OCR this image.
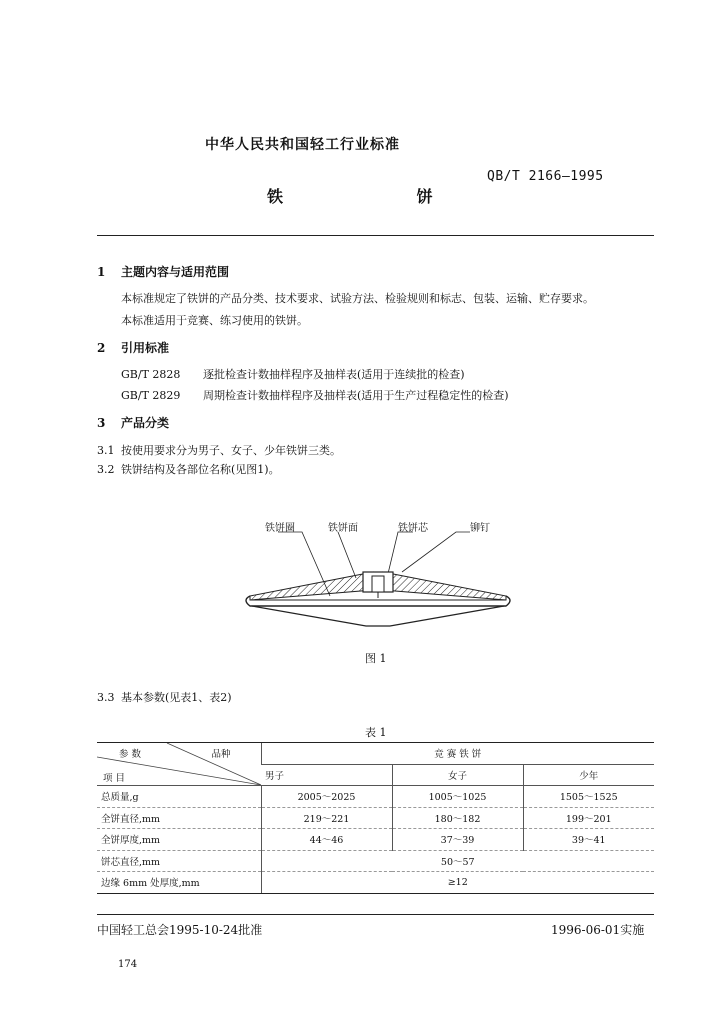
中华人民共和国轻工行业标准
QB/T 2166—1995
铁 饼
1 主题内容与适用范围
本标准规定了铁饼的产品分类、技术要求、试验方法、检验规则和标志、包装、运输、贮存要求。
本标准适用于竞赛、练习使用的铁饼。
2 引用标准
GB/T 2828 逐批检查计数抽样程序及抽样表(适用于连续批的检查)
GB/T 2829 周期检查计数抽样程序及抽样表(适用于生产过程稳定性的检查)
3 产品分类
3.1 按使用要求分为男子、女子、少年铁饼三类。
3.2 铁饼结构及各部位名称(见图1)。
铁饼圈	铁饼面	铁饼芯	铆钉
图 1
3.3 基本参数(见表1、表2)
表 1
参 数 品种
项 目	竞 赛 铁 饼		
	男子	女子	少年
总质量,g	2005～2025	1005～1025	1505～1525
全饼直径,mm	219～221	180～182	199～201
全饼厚度,mm	44～46	37～39	39～41
饼芯直径,mm	50～57		
边缘 6mm 处厚度,mm	≥12		
中国轻工总会1995-10-24批准	1996-06-01实施
174
